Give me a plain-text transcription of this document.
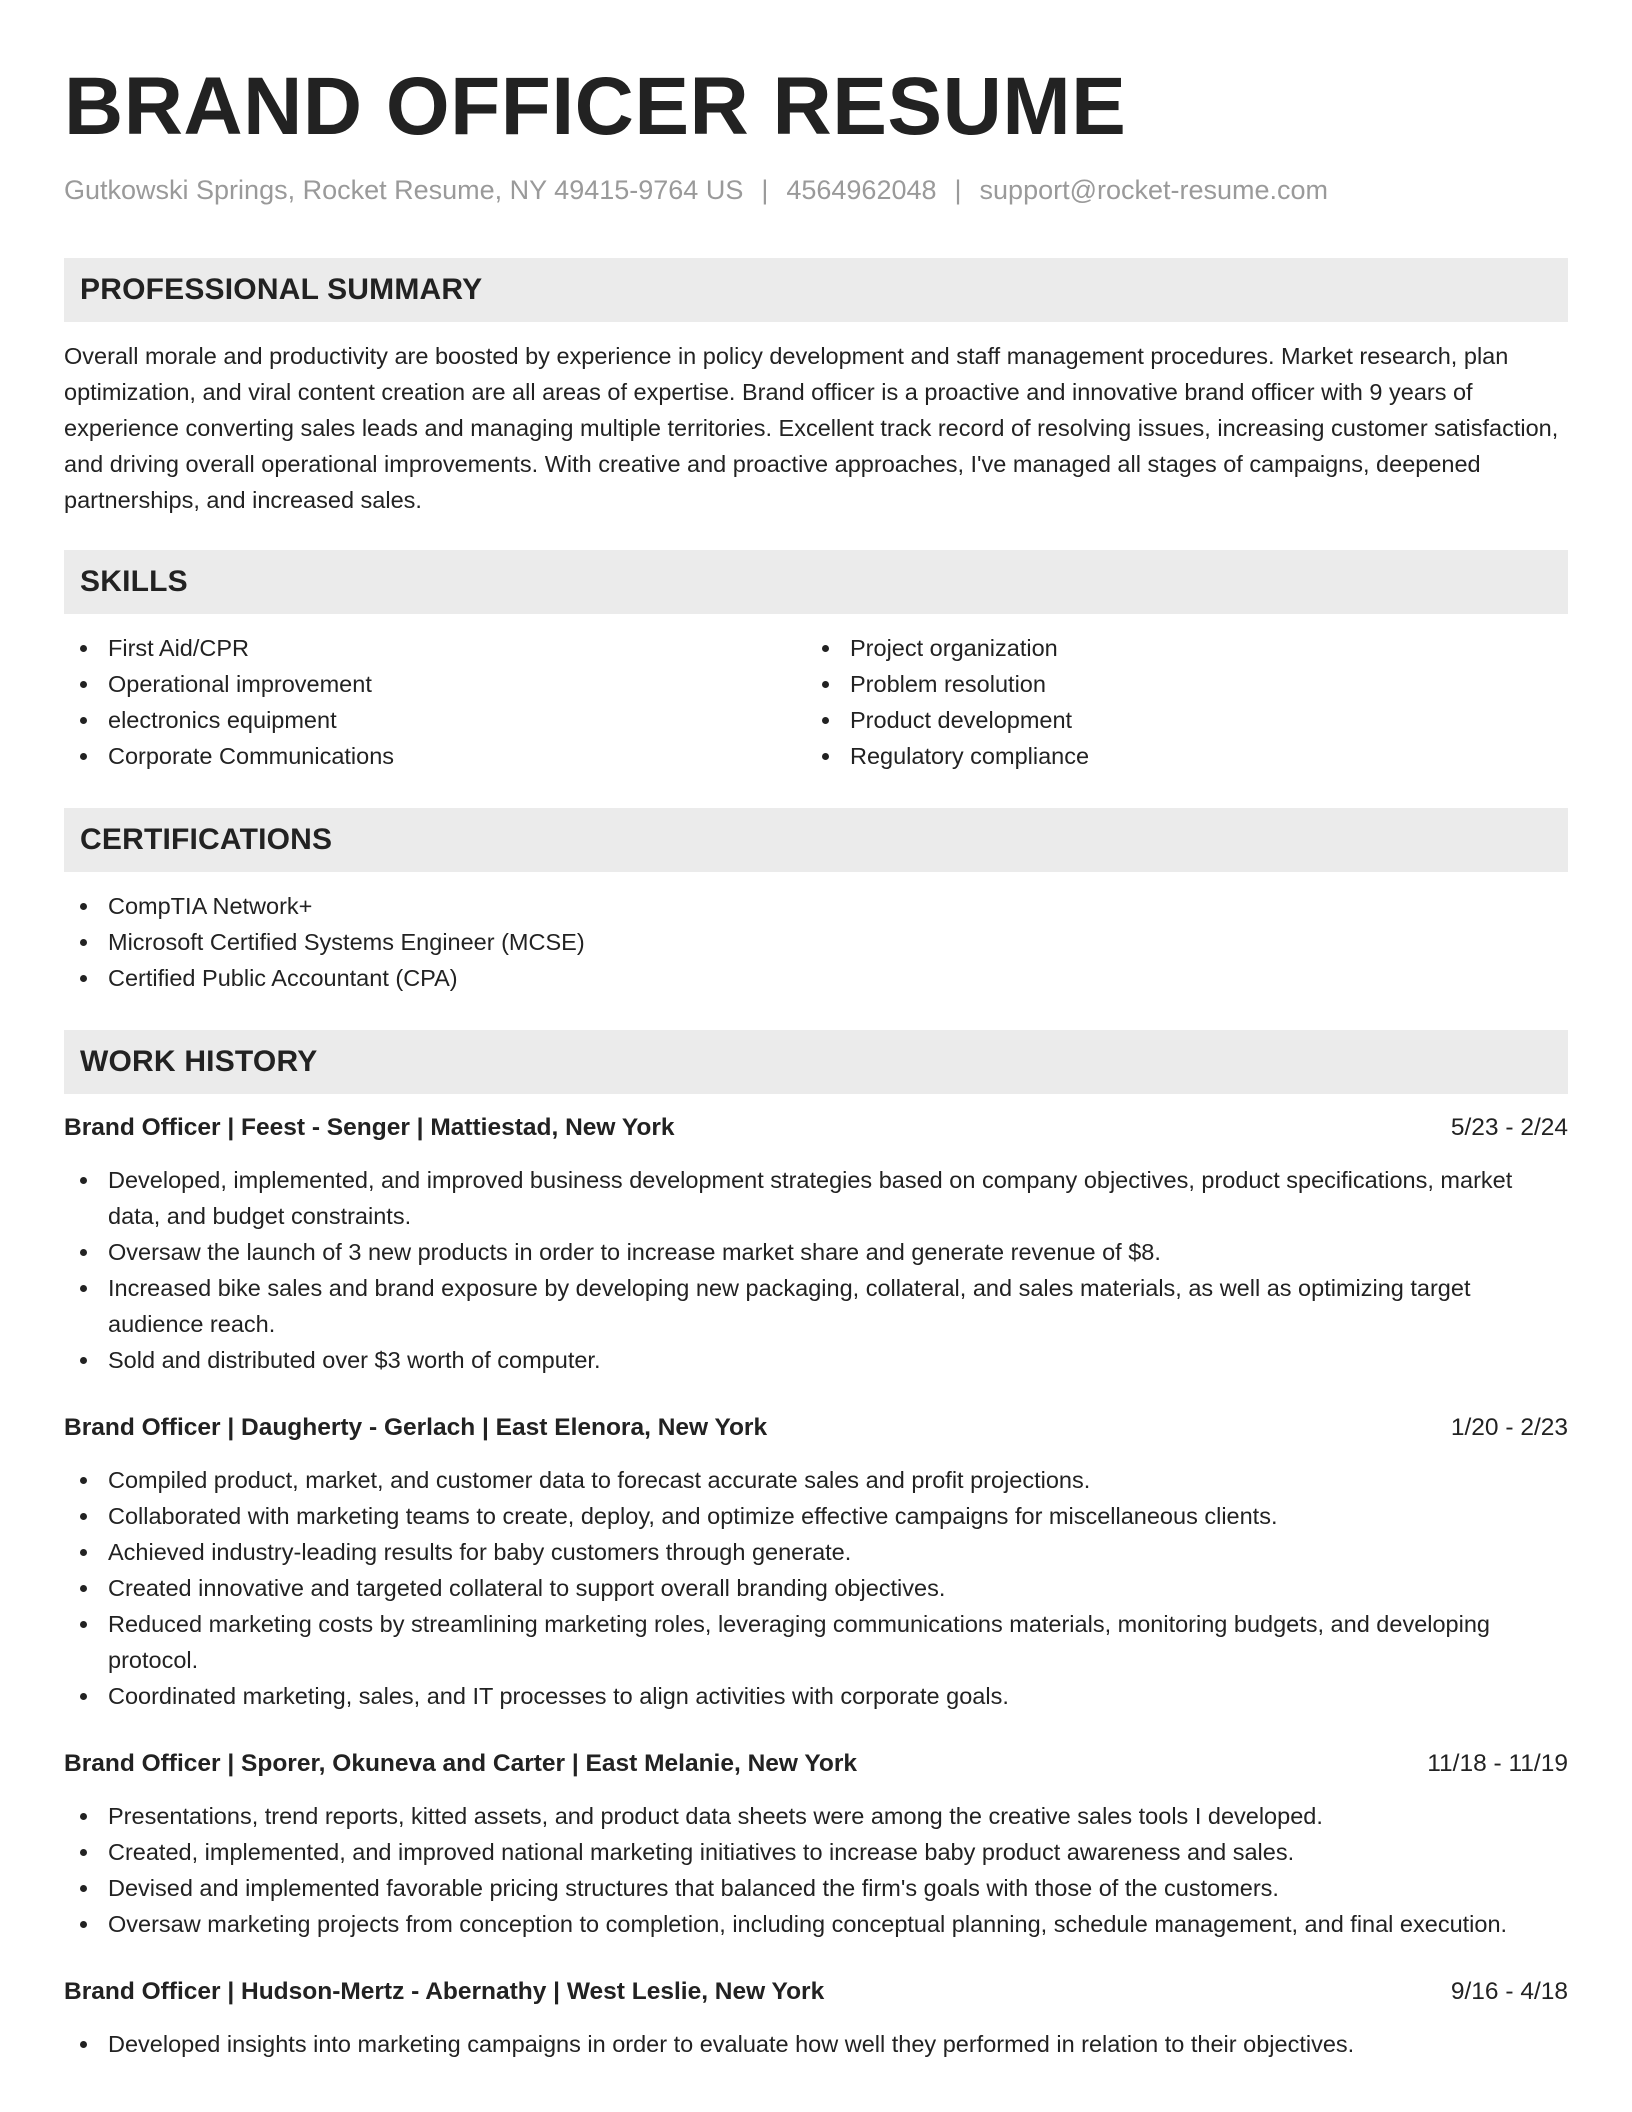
BRAND OFFICER RESUME
Gutkowski Springs, Rocket Resume, NY 49415-9764 US | 4564962048 | support@rocket-resume.com
PROFESSIONAL SUMMARY

Overall morale and productivity are boosted by experience in policy development and staff management procedures. Market research, plan optimization, and viral content creation are all areas of expertise. Brand officer is a proactive and innovative brand officer with 9 years of experience converting sales leads and managing multiple territories. Excellent track record of resolving issues, increasing customer satisfaction, and driving overall operational improvements. With creative and proactive approaches, I've managed all stages of campaigns, deepened partnerships, and increased sales.

SKILLS
First Aid/CPR
Operational improvement
electronics equipment
Corporate Communications
Project organization
Problem resolution
Product development
Regulatory compliance
CERTIFICATIONS
CompTIA Network+
Microsoft Certified Systems Engineer (MCSE)
Certified Public Accountant (CPA)
WORK HISTORY
Brand Officer | Feest - Senger | Mattiestad, New York	5/23 - 2/24
Developed, implemented, and improved business development strategies based on company objectives, product specifications, market data, and budget constraints.
Oversaw the launch of 3 new products in order to increase market share and generate revenue of $8.
Increased bike sales and brand exposure by developing new packaging, collateral, and sales materials, as well as optimizing target audience reach.
Sold and distributed over $3 worth of computer.
Brand Officer | Daugherty - Gerlach | East Elenora, New York	1/20 - 2/23
Compiled product, market, and customer data to forecast accurate sales and profit projections.
Collaborated with marketing teams to create, deploy, and optimize effective campaigns for miscellaneous clients.
Achieved industry-leading results for baby customers through generate.
Created innovative and targeted collateral to support overall branding objectives.
Reduced marketing costs by streamlining marketing roles, leveraging communications materials, monitoring budgets, and developing protocol.
Coordinated marketing, sales, and IT processes to align activities with corporate goals.
Brand Officer | Sporer, Okuneva and Carter | East Melanie, New York	11/18 - 11/19
Presentations, trend reports, kitted assets, and product data sheets were among the creative sales tools I developed.
Created, implemented, and improved national marketing initiatives to increase baby product awareness and sales.
Devised and implemented favorable pricing structures that balanced the firm's goals with those of the customers.
Oversaw marketing projects from conception to completion, including conceptual planning, schedule management, and final execution.
Brand Officer | Hudson-Mertz - Abernathy | West Leslie, New York	9/16 - 4/18
Developed insights into marketing campaigns in order to evaluate how well they performed in relation to their objectives.
